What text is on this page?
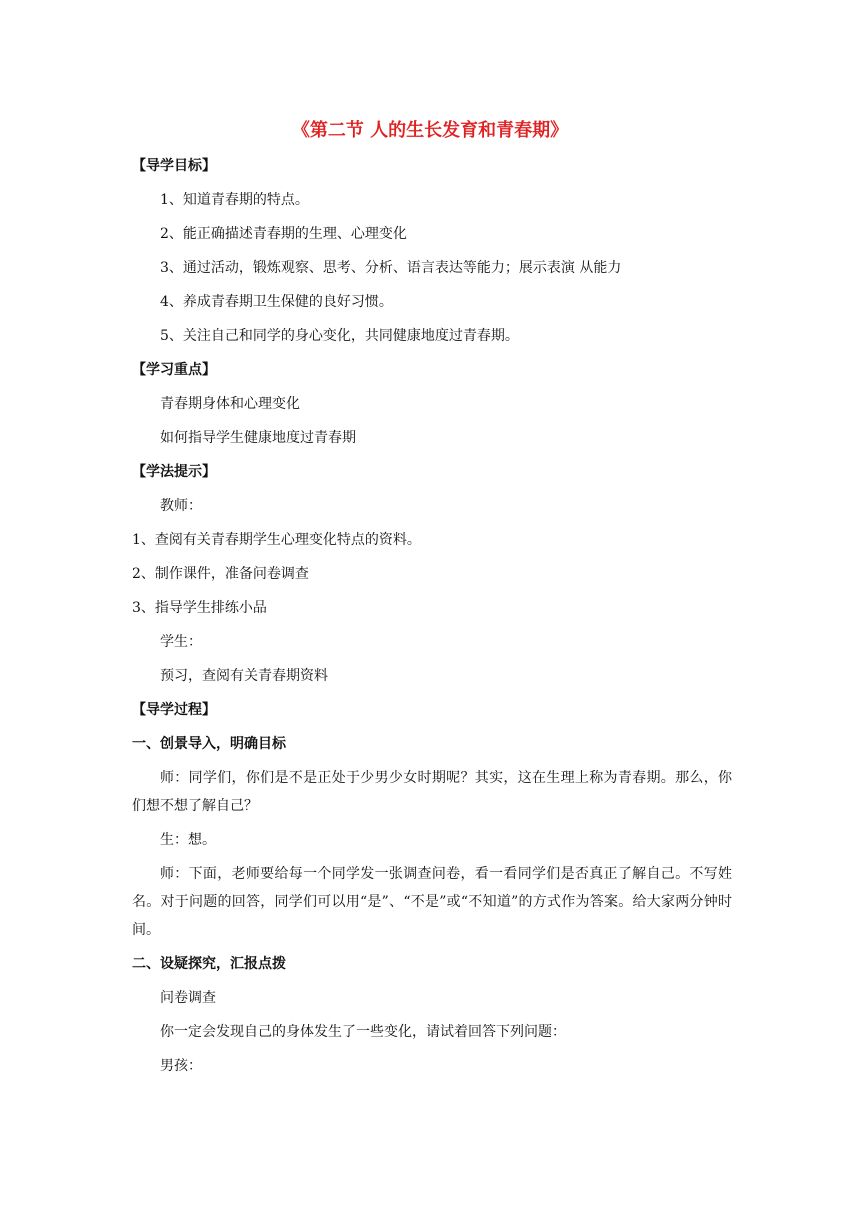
《第二节 人的生长发育和青春期》
【导学目标】
1、知道青春期的特点。
2、能正确描述青春期的生理、心理变化
3、通过活动，锻炼观察、思考、分析、语言表达等能力；展示表演 从能力
4、养成青春期卫生保健的良好习惯。
5、关注自己和同学的身心变化，共同健康地度过青春期。
【学习重点】
青春期身体和心理变化
如何指导学生健康地度过青春期
【学法提示】
教师：
1、查阅有关青春期学生心理变化特点的资料。
2、制作课件，准备问卷调查
3、指导学生排练小品
学生：
预习，查阅有关青春期资料
【导学过程】
一、创景导入，明确目标
师：同学们，你们是不是正处于少男少女时期呢？其实，这在生理上称为青春期。那么，你们想不想了解自己？
生：想。
师：下面，老师要给每一个同学发一张调查问卷，看一看同学们是否真正了解自己。不写姓名。对于问题的回答，同学们可以用“是”、“不是”或“不知道”的方式作为答案。给大家两分钟时间。
二、设疑探究，汇报点拨
问卷调查
你一定会发现自己的身体发生了一些变化，请试着回答下列问题：
男孩：
